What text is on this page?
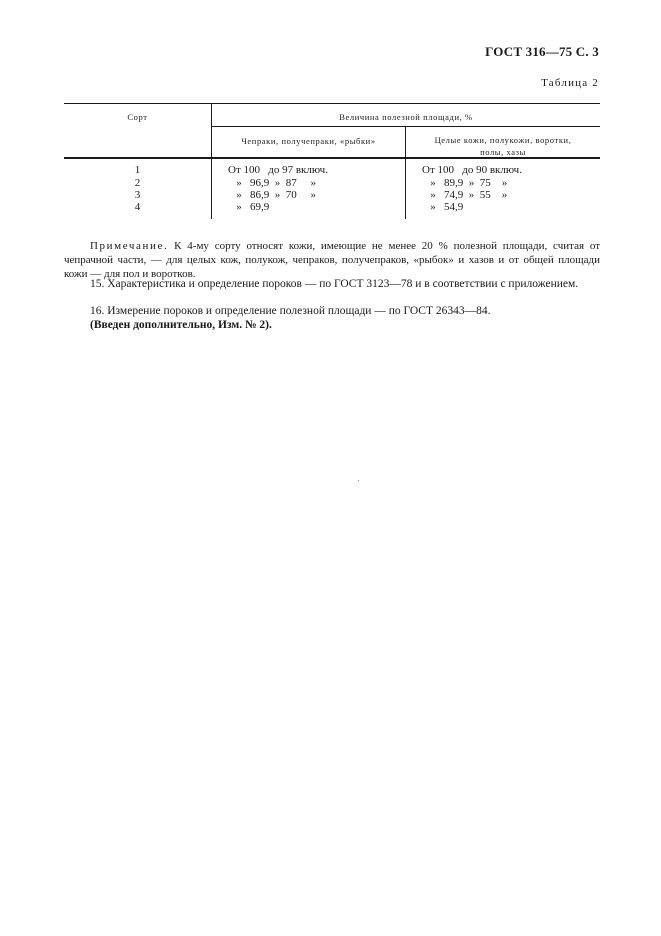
ГОСТ 316—75 С. 3
Таблица 2
Сорт	Величина полезной площади, %
Чепраки, получепраки, «рыбки»	Целые кожи, полукожи, воротки,
полы, хазы
1	От 100   до 97 включ.	От 100   до 90 включ.
2	»   96,9  »  87     »	»   89,9  »  75    »
3	»   86,9  »  70     »	»   74,9  »  55    »
4	»   69,9	»   54,9
Примечание. К 4-му сорту относят кожи, имеющие не менее 20 % полезной площади, считая от чепрачной части, — для целых кож, полукож, чепраков, получепраков, «рыбок» и хазов и от общей площади кожи — для пол и воротков.
15. Характеристика и определение пороков — по ГОСТ 3123—78 и в соответствии с приложением.
16. Измерение пороков и определение полезной площади — по ГОСТ 26343—84.
(Введен дополнительно, Изм. № 2).
